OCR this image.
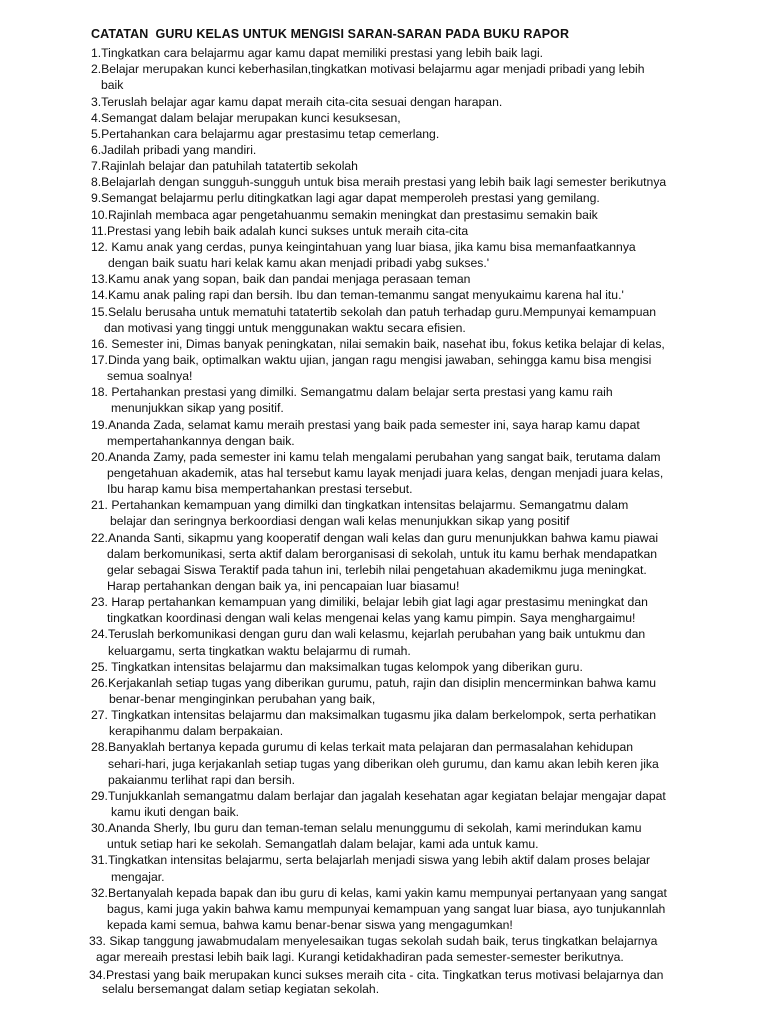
CATATAN  GURU KELAS UNTUK MENGISI SARAN-SARAN PADA BUKU RAPOR
1.Tingkatkan cara belajarmu agar kamu dapat memiliki prestasi yang lebih baik lagi.
2.Belajar merupakan kunci keberhasilan,tingkatkan motivasi belajarmu agar menjadi pribadi yang lebih
baik
3.Teruslah belajar agar kamu dapat meraih cita-cita sesuai dengan harapan.
4.Semangat dalam belajar merupakan kunci kesuksesan,
5.Pertahankan cara belajarmu agar prestasimu tetap cemerlang.
6.Jadilah pribadi yang mandiri.
7.Rajinlah belajar dan patuhilah tatatertib sekolah
8.Belajarlah dengan sungguh-sungguh untuk bisa meraih prestasi yang lebih baik lagi semester berikutnya
9.Semangat belajarmu perlu ditingkatkan lagi agar dapat memperoleh prestasi yang gemilang.
10.Rajinlah membaca agar pengetahuanmu semakin meningkat dan prestasimu semakin baik
11.Prestasi yang lebih baik adalah kunci sukses untuk meraih cita-cita
12. Kamu anak yang cerdas, punya keingintahuan yang luar biasa, jika kamu bisa memanfaatkannya
dengan baik suatu hari kelak kamu akan menjadi pribadi yabg sukses.'
13.Kamu anak yang sopan, baik dan pandai menjaga perasaan teman
14.Kamu anak paling rapi dan bersih. Ibu dan teman-temanmu sangat menyukaimu karena hal itu.'
15.Selalu berusaha untuk mematuhi tatatertib sekolah dan patuh terhadap guru.Mempunyai kemampuan
dan motivasi yang tinggi untuk menggunakan waktu secara efisien.
16. Semester ini, Dimas banyak peningkatan, nilai semakin baik, nasehat ibu, fokus ketika belajar di kelas,
17.Dinda yang baik, optimalkan waktu ujian, jangan ragu mengisi jawaban, sehingga kamu bisa mengisi
semua soalnya!
18. Pertahankan prestasi yang dimilki. Semangatmu dalam belajar serta prestasi yang kamu raih
menunjukkan sikap yang positif.
19.Ananda Zada, selamat kamu meraih prestasi yang baik pada semester ini, saya harap kamu dapat
mempertahankannya dengan baik.
20.Ananda Zamy, pada semester ini kamu telah mengalami perubahan yang sangat baik, terutama dalam
pengetahuan akademik, atas hal tersebut kamu layak menjadi juara kelas, dengan menjadi juara kelas,
Ibu harap kamu bisa mempertahankan prestasi tersebut.
21. Pertahankan kemampuan yang dimilki dan tingkatkan intensitas belajarmu. Semangatmu dalam
belajar dan seringnya berkoordiasi dengan wali kelas menunjukkan sikap yang positif
22.Ananda Santi, sikapmu yang kooperatif dengan wali kelas dan guru menunjukkan bahwa kamu piawai
dalam berkomunikasi, serta aktif dalam berorganisasi di sekolah, untuk itu kamu berhak mendapatkan
gelar sebagai Siswa Teraktif pada tahun ini, terlebih nilai pengetahuan akademikmu juga meningkat.
Harap pertahankan dengan baik ya, ini pencapaian luar biasamu!
23. Harap pertahankan kemampuan yang dimiliki, belajar lebih giat lagi agar prestasimu meningkat dan
tingkatkan koordinasi dengan wali kelas mengenai kelas yang kamu pimpin. Saya menghargaimu!
24.Teruslah berkomunikasi dengan guru dan wali kelasmu, kejarlah perubahan yang baik untukmu dan
keluargamu, serta tingkatkan waktu belajarmu di rumah.
25. Tingkatkan intensitas belajarmu dan maksimalkan tugas kelompok yang diberikan guru.
26.Kerjakanlah setiap tugas yang diberikan gurumu, patuh, rajin dan disiplin mencerminkan bahwa kamu
benar-benar menginginkan perubahan yang baik,
27. Tingkatkan intensitas belajarmu dan maksimalkan tugasmu jika dalam berkelompok, serta perhatikan
kerapihanmu dalam berpakaian.
28.Banyaklah bertanya kepada gurumu di kelas terkait mata pelajaran dan permasalahan kehidupan
sehari-hari, juga kerjakanlah setiap tugas yang diberikan oleh gurumu, dan kamu akan lebih keren jika
pakaianmu terlihat rapi dan bersih.
29.Tunjukkanlah semangatmu dalam berlajar dan jagalah kesehatan agar kegiatan belajar mengajar dapat
kamu ikuti dengan baik.
30.Ananda Sherly, Ibu guru dan teman-teman selalu menunggumu di sekolah, kami merindukan kamu
untuk setiap hari ke sekolah. Semangatlah dalam belajar, kami ada untuk kamu.
31.Tingkatkan intensitas belajarmu, serta belajarlah menjadi siswa yang lebih aktif dalam proses belajar
mengajar.
32.Bertanyalah kepada bapak dan ibu guru di kelas, kami yakin kamu mempunyai pertanyaan yang sangat
bagus, kami juga yakin bahwa kamu mempunyai kemampuan yang sangat luar biasa, ayo tunjukannlah
kepada kami semua, bahwa kamu benar-benar siswa yang mengagumkan!
33. Sikap tanggung jawabmudalam menyelesaikan tugas sekolah sudah baik, terus tingkatkan belajarnya
agar mereaih prestasi lebih baik lagi. Kurangi ketidakhadiran pada semester-semester berikutnya.
34.Prestasi yang baik merupakan kunci sukses meraih cita - cita. Tingkatkan terus motivasi belajarnya dan
selalu bersemangat dalam setiap kegiatan sekolah.
